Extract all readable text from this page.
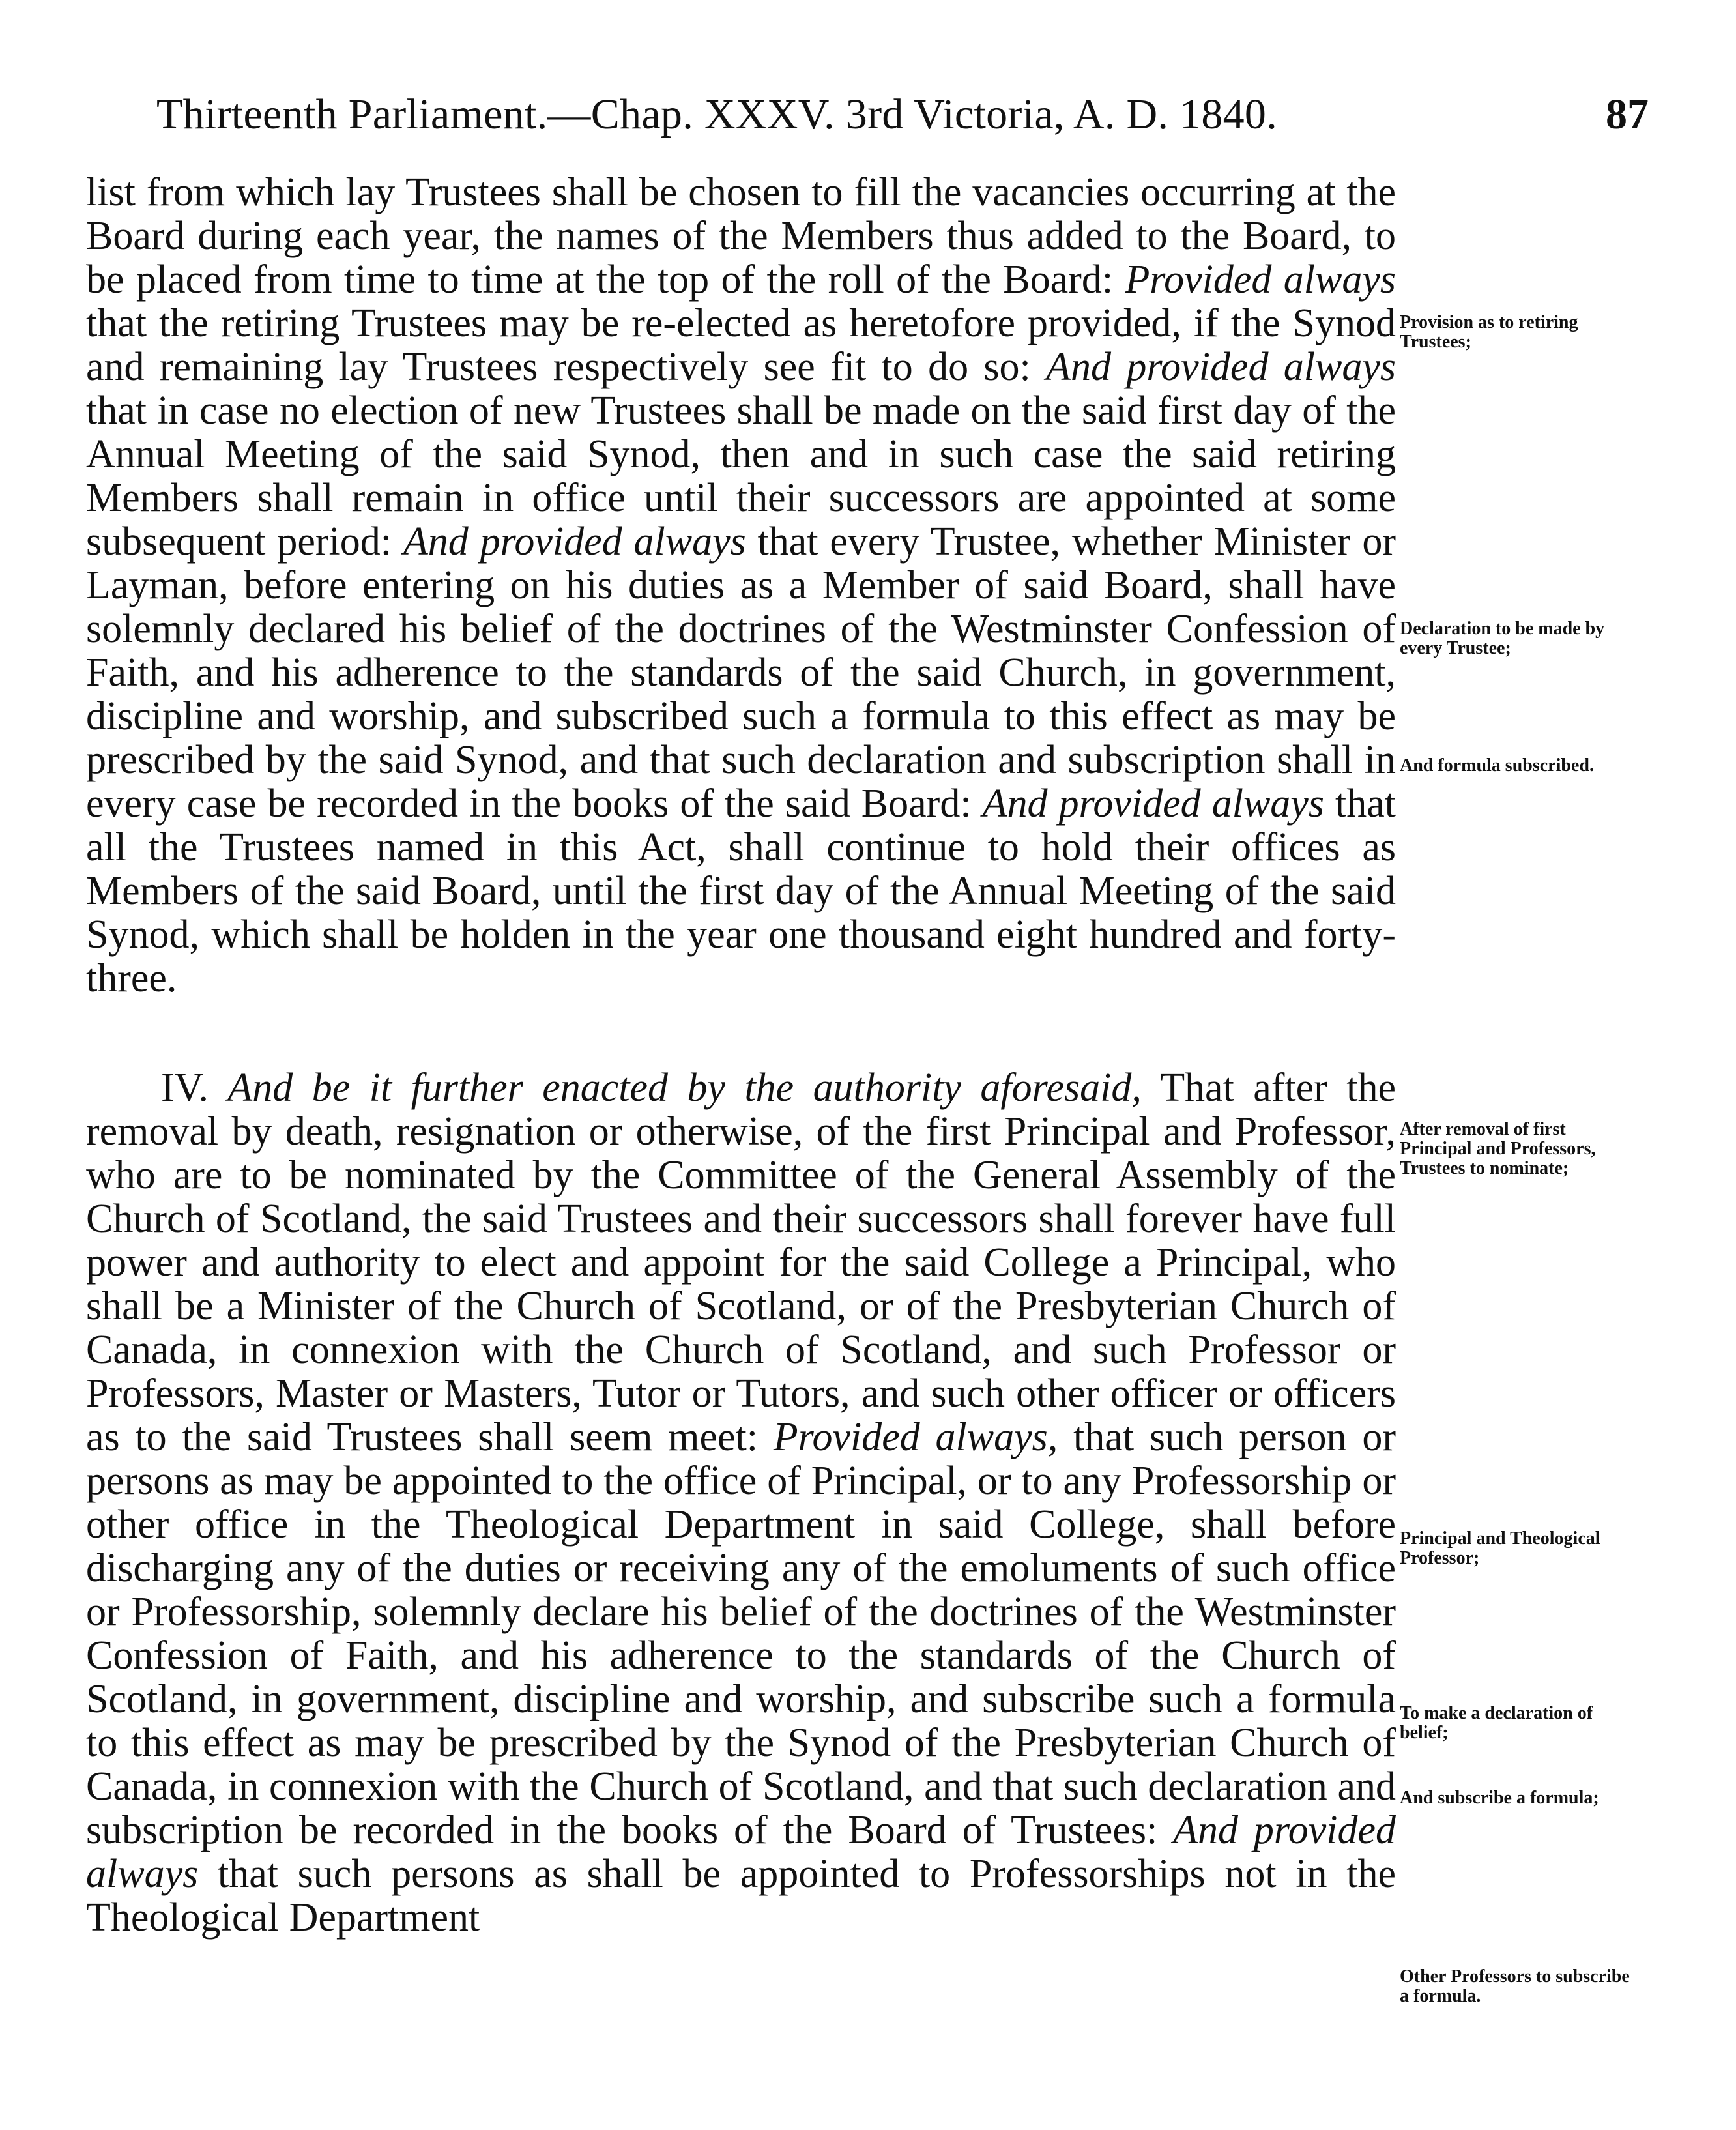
Thirteenth Parliament.—Chap. XXXV. 3rd Victoria, A. D. 1840.	87

list from which lay Trustees shall be chosen to fill the vacancies occurring at the Board during each year, the names of the Members thus added to the Board, to be placed from time to time at the top of the roll of the Board: Provided always that the retiring Trustees may be re-elected as heretofore provided, if the Synod and remaining lay Trustees respectively see fit to do so: And provided always that in case no election of new Trustees shall be made on the said first day of the Annual Meeting of the said Synod, then and in such case the said retiring Members shall remain in office until their successors are appointed at some subsequent period: And provided always that every Trustee, whether Minister or Layman, before entering on his duties as a Member of said Board, shall have solemnly declared his belief of the doctrines of the Westminster Confession of Faith, and his adherence to the standards of the said Church, in government, discipline and worship, and subscribed such a formula to this effect as may be prescribed by the said Synod, and that such declaration and subscription shall in every case be recorded in the books of the said Board: And provided always that all the Trustees named in this Act, shall continue to hold their offices as Members of the said Board, until the first day of the Annual Meeting of the said Synod, which shall be holden in the year one thousand eight hundred and forty-three.

IV. And be it further enacted by the authority aforesaid, That after the removal by death, resignation or otherwise, of the first Principal and Professor, who are to be nominated by the Committee of the General Assembly of the Church of Scotland, the said Trustees and their successors shall forever have full power and authority to elect and appoint for the said College a Principal, who shall be a Minister of the Church of Scotland, or of the Presbyterian Church of Canada, in connexion with the Church of Scotland, and such Professor or Professors, Master or Masters, Tutor or Tutors, and such other officer or officers as to the said Trustees shall seem meet: Provided always, that such person or persons as may be appointed to the office of Principal, or to any Professorship or other office in the Theological Department in said College, shall before discharging any of the duties or receiving any of the emoluments of such office or Professorship, solemnly declare his belief of the doctrines of the Westminster Confession of Faith, and his adherence to the standards of the Church of Scotland, in government, discipline and worship, and subscribe such a formula to this effect as may be prescribed by the Synod of the Presbyterian Church of Canada, in connexion with the Church of Scotland, and that such declaration and subscription be recorded in the books of the Board of Trustees: And provided always that such persons as shall be appointed to Professorships not in the Theological Department

Provision as to retiring Trustees;
Declaration to be made by every Trustee;
And formula subscribed.
After removal of first Principal and Professors, Trustees to nominate;
Principal and Theological Professor;
To make a declaration of belief;
And subscribe a formula;
Other Professors to subscribe a formula.
